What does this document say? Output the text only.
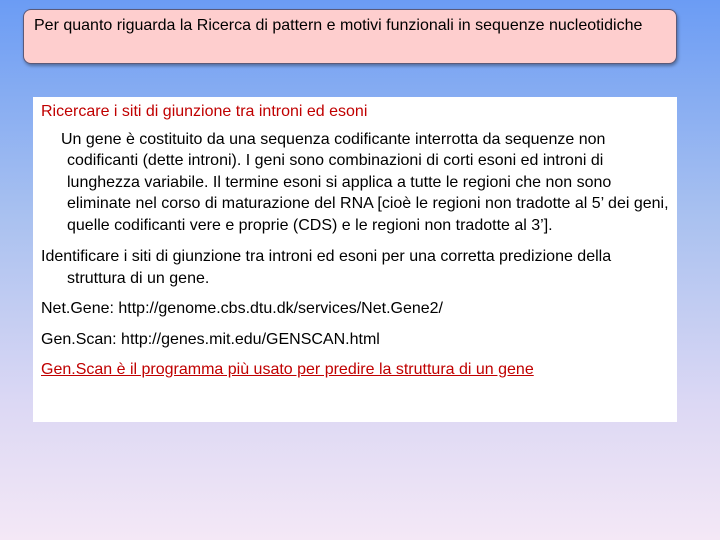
Per quanto riguarda la Ricerca di pattern e motivi funzionali in sequenze nucleotidiche
Ricercare i siti di giunzione tra introni ed esoni

Un gene è costituito da una sequenza codificante interrotta da sequenze non codificanti (dette introni). I geni sono combinazioni di corti esoni ed introni di lunghezza variabile. Il termine esoni si applica a tutte le regioni che non sono eliminate nel corso di maturazione del RNA [cioè le regioni non tradotte al 5’ dei geni, quelle codificanti vere e proprie (CDS) e le regioni non tradotte al 3’].

Identificare i siti di giunzione tra introni ed esoni per una corretta predizione della struttura di un gene.

Net.Gene: http://genome.cbs.dtu.dk/services/Net.Gene2/

Gen.Scan: http://genes.mit.edu/GENSCAN.html

Gen.Scan è il programma più usato per predire la struttura di un gene
